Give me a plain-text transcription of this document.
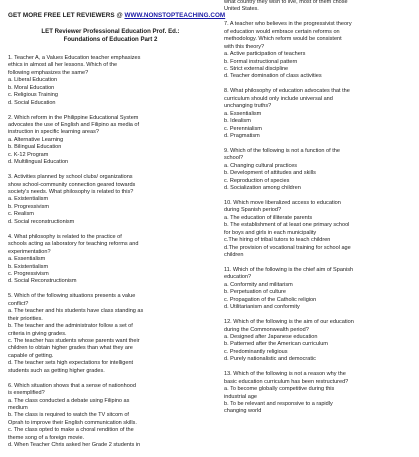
GET MORE FREE LET REVIEWERS @ WWW.NONSTOPTEACHING.COM
LET Reviewer Professional Education Prof. Ed.:
Foundations of Education Part 2
1. Teacher A, a Values Education teacher emphasizes
ethics in almost all her lessons. Which of the
following emphasizes the same?
a. Liberal Education
b. Moral Education
c. Religious Training
d. Social Education
2. Which reform in the Philippine Educational System
advocates the use of English and Filipino as media of
instruction in specific learning areas?
a. Alternative Learning
b. Bilingual Education
c. K-12 Program
d. Multilingual Education
3. Activities planned by school clubs/ organizations
show school-community connection geared towards
society's needs. What philosophy is related to this?
a. Existentialism
b. Progressivism
c. Realism
d. Social reconstructionism
4. What philosophy is related to the practice of
schools acting as laboratory for teaching reforms and
experimentation?
a. Essentialism
b. Existentialism
c. Progressivism
d. Social Reconstructionism
5. Which of the following situations presents a value
conflict?
a. The teacher and his students have class standing as
their priorities.
b. The teacher and the administrator follow a set of
criteria in giving grades.
c. The teacher has students whose parents want their
children to obtain higher grades than what they are
capable of getting.
d. The teacher sets high expectations for intelligent
students such as getting higher grades.
6. Which situation shows that a sense of nationhood
is exemplified?
a. The class conducted a debate using Filipino as
medium
b. The class is required to watch the TV sitcom of
Oprah to improve their English communication skills.
c. The class opted to make a choral rendition of the
theme song of a foreign movie.
d. When Teacher Chris asked her Grade 2 students in
what country they wish to live, most of them chose
United States.
7. A teacher who believes in the progressivist theory
of education would embrace certain reforms on
methodology. Which reform would be consistent
with this theory?
a. Active participation of teachers
b. Formal instructional pattern
c. Strict external discipline
d. Teacher domination of class activities
8. What philosophy of education advocates that the
curriculum should only include universal and
unchanging truths?
a. Essentialism
b. Idealism
c. Perennialism
d. Pragmatism
9. Which of the following is not a function of the
school?
a. Changing cultural practices
b. Development of attitudes and skills
c. Reproduction of species
d. Socialization among children
10. Which move liberalized access to education
during Spanish period?
a. The education of illiterate parents
b. The establishment of at least one primary school
for boys and girls in each municipality
c.The hiring of tribal tutors to teach children
d.The provision of vocational training for school age
children
11. Which of the following is the chief aim of Spanish
education?
a. Conformity and militarism
b. Perpetuation of culture
c. Propagation of the Catholic religion
d. Utilitarianism and conformity
12. Which of the following is the aim of our education
during the Commonwealth period?
a. Designed after Japanese education
b. Patterned after the American curriculum
c. Predominantly religious
d. Purely nationalistic and democratic
13. Which of the following is not a reason why the
basic education curriculum has been restructured?
a. To become globally competitive during this
industrial age
b. To be relevant and responsive to a rapidly
changing world
